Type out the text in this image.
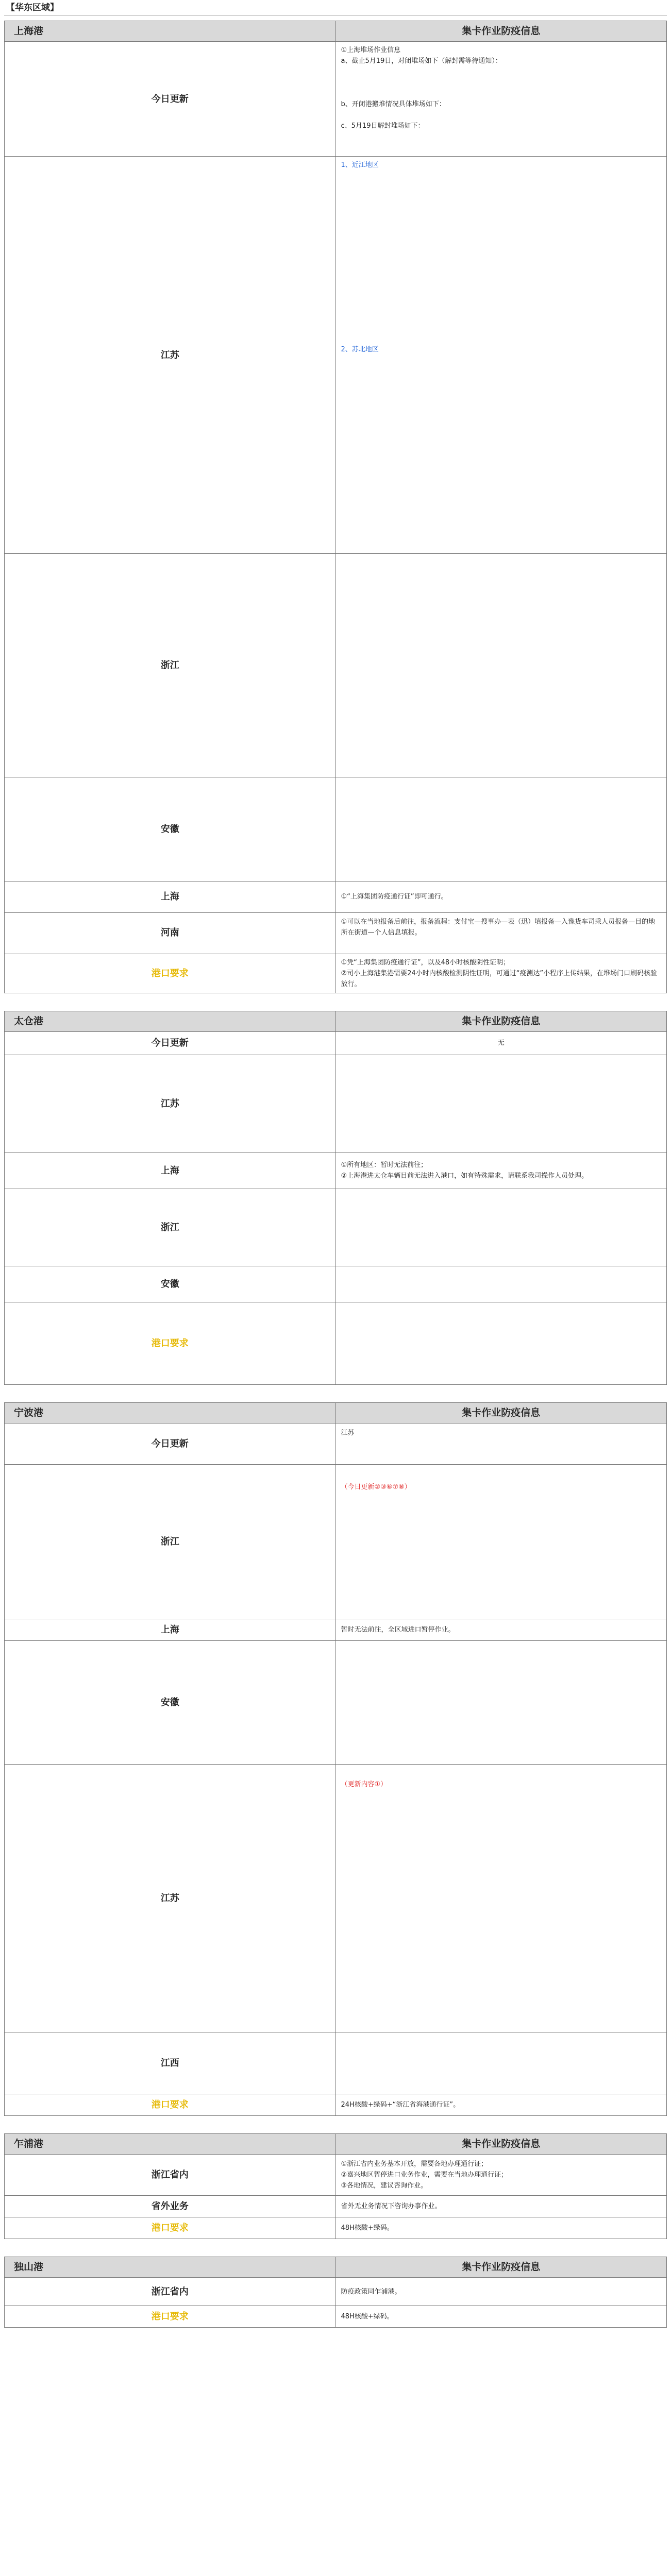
【华东区域】
上海港	集卡作业防疫信息
今日更新	①上海堆场作业信息
a、截止5月19日，对闭堆场如下（解封需等待通知）：

b、开闭港搬堆情况具体堆场如下：

c、5月19日解封堆场如下：

江苏	1、近江地区

2、苏北地区

浙江	

安徽	

上海	①“上海集团防疫通行证”即可通行。

河南	①可以在当地报备后前往，报备流程：支付宝—搜事办—表（迅）填报备—入豫货车司乘人员报备—目的地所在街道—个人信息填报。

港口要求	①凭“上海集团防疫通行证”，以及48小时核酸阴性证明；
②司小上海港集港需要24小时内核酸检测阴性证明，可通过“疫测达”小程序上传结果，在堆场门口刷码核验放行。
太仓港	集卡作业防疫信息
今日更新	无

江苏	

上海	①所有地区：暂时无法前往；
②上海港进太仓车辆目前无法进入港口，如有特殊需求，请联系我司操作人员处理。

浙江	

安徽	

港口要求	

宁波港	集卡作业防疫信息
今日更新	江苏

浙江	（今日更新②③⑥⑦⑧）

上海	暂时无法前往，全区域进口暂停作业。

安徽	

江苏	（更新内容①）

江西	

港口要求	24H核酸+绿码+“浙江省海港通行证”。
乍浦港	集卡作业防疫信息
浙江省内	①浙江省内业务基本开放，需要各地办理通行证；
②嘉兴地区暂停进口业务作业，需要在当地办理通行证；
③各地情况，建议咨询作业。

省外业务	省外无业务情况下咨询办事作业。

港口要求	48H核酸+绿码。
独山港	集卡作业防疫信息
浙江省内	防疫政策同乍浦港。

港口要求	48H核酸+绿码。
